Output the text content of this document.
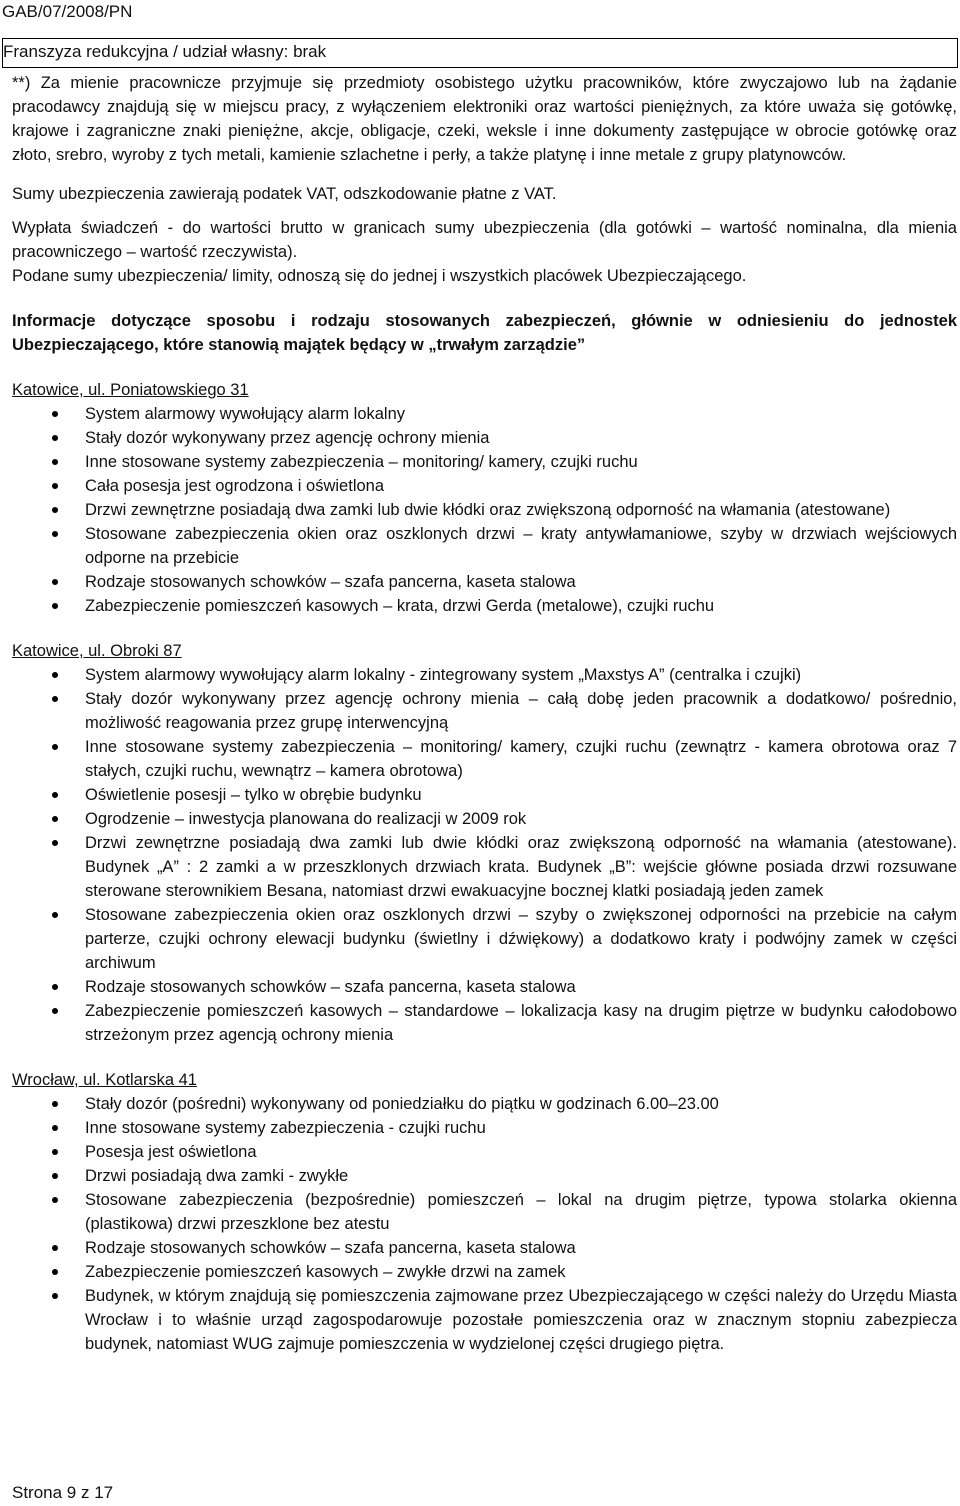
GAB/07/2008/PN
Franszyza redukcyjna / udział własny: brak

**) Za mienie pracownicze przyjmuje się przedmioty osobistego użytku pracowników, które zwyczajowo lub na żądanie pracodawcy znajdują się w miejscu pracy, z wyłączeniem elektroniki oraz wartości pieniężnych, za które uważa się gotówkę, krajowe i zagraniczne znaki pieniężne, akcje, obligacje, czeki, weksle i inne dokumenty zastępujące w obrocie gotówkę oraz złoto, srebro, wyroby z tych metali, kamienie szlachetne i perły, a także platynę i inne metale z grupy platynowców.

Sumy ubezpieczenia zawierają podatek VAT, odszkodowanie płatne z VAT.

Wypłata świadczeń - do wartości brutto w granicach sumy ubezpieczenia (dla gotówki – wartość nominalna, dla mienia pracowniczego – wartość rzeczywista).

Podane sumy ubezpieczenia/ limity, odnoszą się do jednej i wszystkich placówek Ubezpieczającego.

Informacje dotyczące sposobu i rodzaju stosowanych zabezpieczeń, głównie w odniesieniu do jednostek Ubezpieczającego, które stanowią majątek będący w „trwałym zarządzie”

Katowice, ul. Poniatowskiego 31

System alarmowy wywołujący alarm lokalny
Stały dozór wykonywany przez agencję ochrony mienia
Inne stosowane systemy zabezpieczenia – monitoring/ kamery, czujki ruchu
Cała posesja jest ogrodzona i oświetlona
Drzwi zewnętrzne posiadają dwa zamki lub dwie kłódki oraz zwiększoną odporność na włamania (atestowane)
Stosowane zabezpieczenia okien oraz oszklonych drzwi – kraty antywłamaniowe, szyby w drzwiach wejściowych odporne na przebicie
Rodzaje stosowanych schowków – szafa pancerna, kaseta stalowa
Zabezpieczenie pomieszczeń kasowych – krata, drzwi Gerda (metalowe), czujki ruchu

Katowice, ul. Obroki 87

System alarmowy wywołujący alarm lokalny - zintegrowany system „Maxstys A” (centralka i czujki)
Stały dozór wykonywany przez agencję ochrony mienia – całą dobę jeden pracownik a dodatkowo/ pośrednio, możliwość reagowania przez grupę interwencyjną
Inne stosowane systemy zabezpieczenia – monitoring/ kamery, czujki ruchu (zewnątrz - kamera obrotowa oraz 7 stałych, czujki ruchu, wewnątrz – kamera obrotowa)
Oświetlenie posesji – tylko w obrębie budynku
Ogrodzenie – inwestycja planowana do realizacji w 2009 rok
Drzwi zewnętrzne posiadają dwa zamki lub dwie kłódki oraz zwiększoną odporność na włamania (atestowane). Budynek „A” : 2 zamki a w przeszklonych drzwiach krata. Budynek „B”: wejście główne posiada drzwi rozsuwane sterowane sterownikiem Besana, natomiast drzwi ewakuacyjne bocznej klatki posiadają jeden zamek
Stosowane zabezpieczenia okien oraz oszklonych drzwi – szyby o zwiększonej odporności na przebicie na całym parterze, czujki ochrony elewacji budynku (świetlny i dźwiękowy) a dodatkowo kraty i podwójny zamek w części archiwum
Rodzaje stosowanych schowków – szafa pancerna, kaseta stalowa
Zabezpieczenie pomieszczeń kasowych – standardowe – lokalizacja kasy na drugim piętrze w budynku całodobowo strzeżonym przez agencją ochrony mienia

Wrocław, ul. Kotlarska 41

Stały dozór (pośredni) wykonywany od poniedziałku do piątku w godzinach 6.00–23.00
Inne stosowane systemy zabezpieczenia - czujki ruchu
Posesja jest oświetlona
Drzwi posiadają dwa zamki - zwykłe
Stosowane zabezpieczenia (bezpośrednie) pomieszczeń – lokal na drugim piętrze, typowa stolarka okienna (plastikowa) drzwi przeszklone bez atestu
Rodzaje stosowanych schowków – szafa pancerna, kaseta stalowa
Zabezpieczenie pomieszczeń kasowych – zwykłe drzwi na zamek
Budynek, w którym znajdują się pomieszczenia zajmowane przez Ubezpieczającego w części należy do Urzędu Miasta Wrocław i to właśnie urząd zagospodarowuje pozostałe pomieszczenia oraz w znacznym stopniu zabezpiecza budynek, natomiast WUG zajmuje pomieszczenia w wydzielonej części drugiego piętra.
Strona 9 z 17
